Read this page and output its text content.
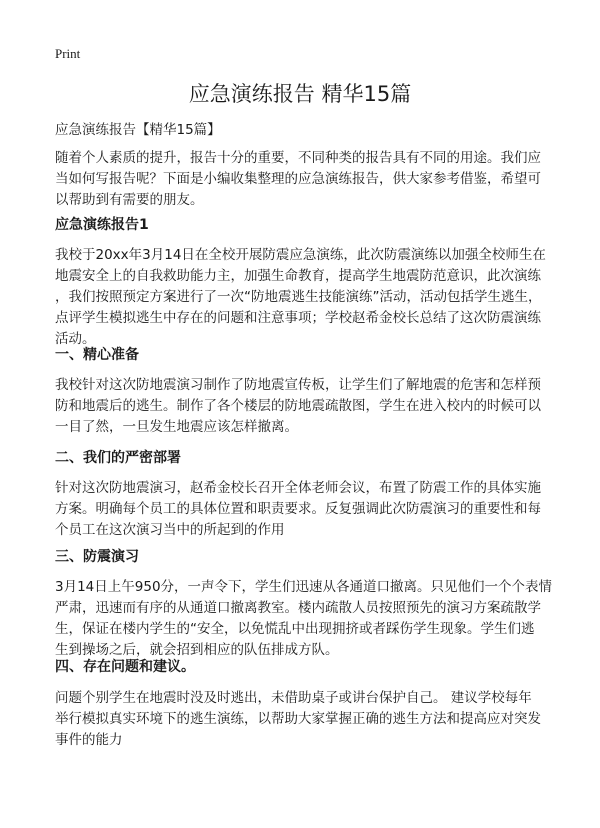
Print
应急演练报告 精华15篇
应急演练报告【精华15篇】
随着个人素质的提升，报告十分的重要，不同种类的报告具有不同的用途。我们应
当如何写报告呢？下面是小编收集整理的应急演练报告，供大家参考借鉴，希望可
以帮助到有需要的朋友。
应急演练报告1
我校于20xx年3月14日在全校开展防震应急演练，此次防震演练以加强全校师生在
地震安全上的自我救助能力主，加强生命教育，提高学生地震防范意识，此次演练
，我们按照预定方案进行了一次“防地震逃生技能演练”活动，活动包括学生逃生，
点评学生模拟逃生中存在的问题和注意事项；学校赵希金校长总结了这次防震演练
活动。
一、精心准备
我校针对这次防地震演习制作了防地震宣传板，让学生们了解地震的危害和怎样预
防和地震后的逃生。制作了各个楼层的防地震疏散图，学生在进入校内的时候可以
一目了然，一旦发生地震应该怎样撤离。
二、我们的严密部署
针对这次防地震演习，赵希金校长召开全体老师会议，布置了防震工作的具体实施
方案。明确每个员工的具体位置和职责要求。反复强调此次防震演习的重要性和每
个员工在这次演习当中的所起到的作用
三、防震演习
3月14日上午950分，一声令下，学生们迅速从各通道口撤离。只见他们一个个表情
严肃，迅速而有序的从通道口撤离教室。楼内疏散人员按照预先的演习方案疏散学
生，保证在楼内学生的“安全，以免慌乱中出现拥挤或者踩伤学生现象。学生们逃
生到操场之后，就会招到相应的队伍排成方队。
四、存在问题和建议。
问题个别学生在地震时没及时逃出，未借助桌子或讲台保护自己。 建议学校每年
举行模拟真实环境下的逃生演练，以帮助大家掌握正确的逃生方法和提高应对突发
事件的能力
